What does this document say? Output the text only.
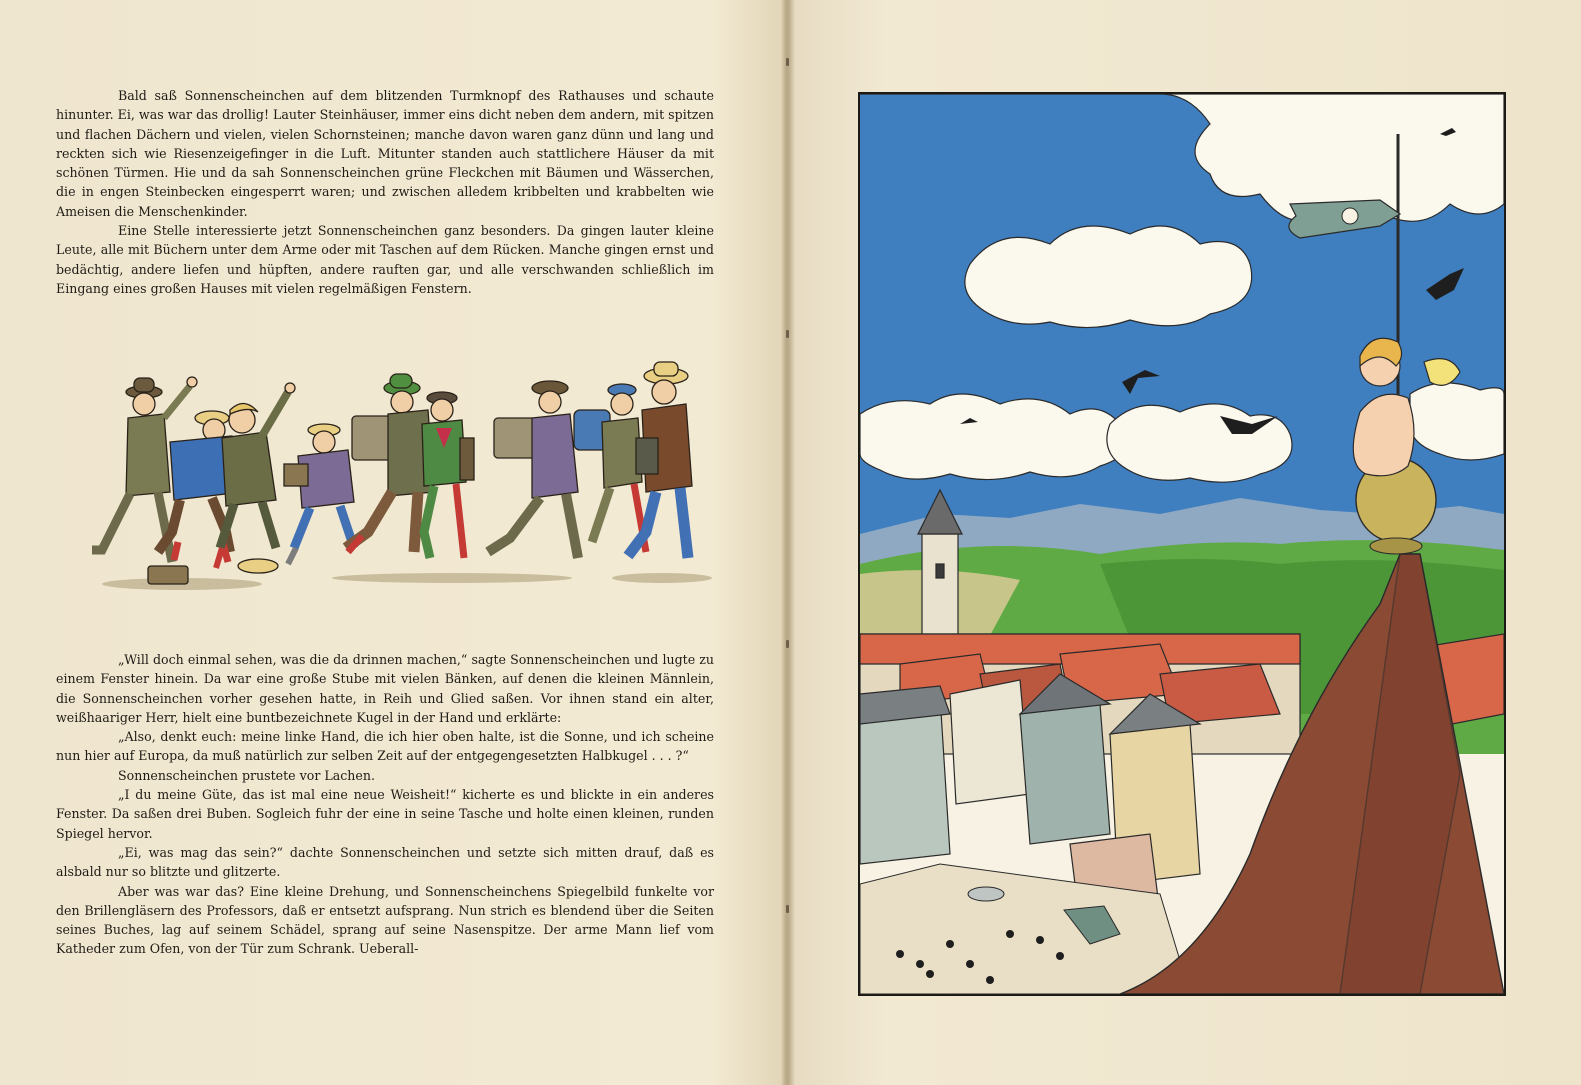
Bald saß Sonnenscheinchen auf dem blitzenden Turmknopf des Rathauses und schaute hinunter. Ei, was war das drollig! Lauter Steinhäuser, immer eins dicht neben dem andern, mit spitzen und flachen Dächern und vielen, vielen Schornsteinen; manche davon waren ganz dünn und lang und reckten sich wie Riesenzeigefinger in die Luft. Mitunter standen auch stattlichere Häuser da mit schönen Türmen. Hie und da sah Sonnenscheinchen grüne Fleckchen mit Bäumen und Wässerchen, die in engen Steinbecken eingesperrt waren; und zwischen alledem kribbelten und krabbelten wie Ameisen die Menschenkinder.

Eine Stelle interessierte jetzt Sonnenscheinchen ganz besonders. Da gingen lauter kleine Leute, alle mit Büchern unter dem Arme oder mit Taschen auf dem Rücken. Manche gingen ernst und bedächtig, andere liefen und hüpften, andere rauften gar, und alle verschwanden schließlich im Eingang eines großen Hauses mit vielen regelmäßigen Fenstern.

„Will doch einmal sehen, was die da drinnen machen,“ sagte Sonnenscheinchen und lugte zu einem Fenster hinein. Da war eine große Stube mit vielen Bänken, auf denen die kleinen Männlein, die Sonnenscheinchen vorher gesehen hatte, in Reih und Glied saßen. Vor ihnen stand ein alter, weißhaariger Herr, hielt eine buntbezeichnete Kugel in der Hand und erklärte:

„Also, denkt euch: meine linke Hand, die ich hier oben halte, ist die Sonne, und ich scheine nun hier auf Europa, da muß natürlich zur selben Zeit auf der entgegengesetzten Halbkugel . . . ?“

Sonnenscheinchen prustete vor Lachen.

„I du meine Güte, das ist mal eine neue Weisheit!“ kicherte es und blickte in ein anderes Fenster. Da saßen drei Buben. Sogleich fuhr der eine in seine Tasche und holte einen kleinen, runden Spiegel hervor.

„Ei, was mag das sein?“ dachte Sonnenscheinchen und setzte sich mitten drauf, daß es alsbald nur so blitzte und glitzerte.

Aber was war das? Eine kleine Drehung, und Sonnenscheinchens Spiegelbild funkelte vor den Brillengläsern des Professors, daß er entsetzt aufsprang. Nun strich es blendend über die Seiten seines Buches, lag auf seinem Schädel, sprang auf seine Nasenspitze. Der arme Mann lief vom Katheder zum Ofen, von der Tür zum Schrank. Ueberall-
